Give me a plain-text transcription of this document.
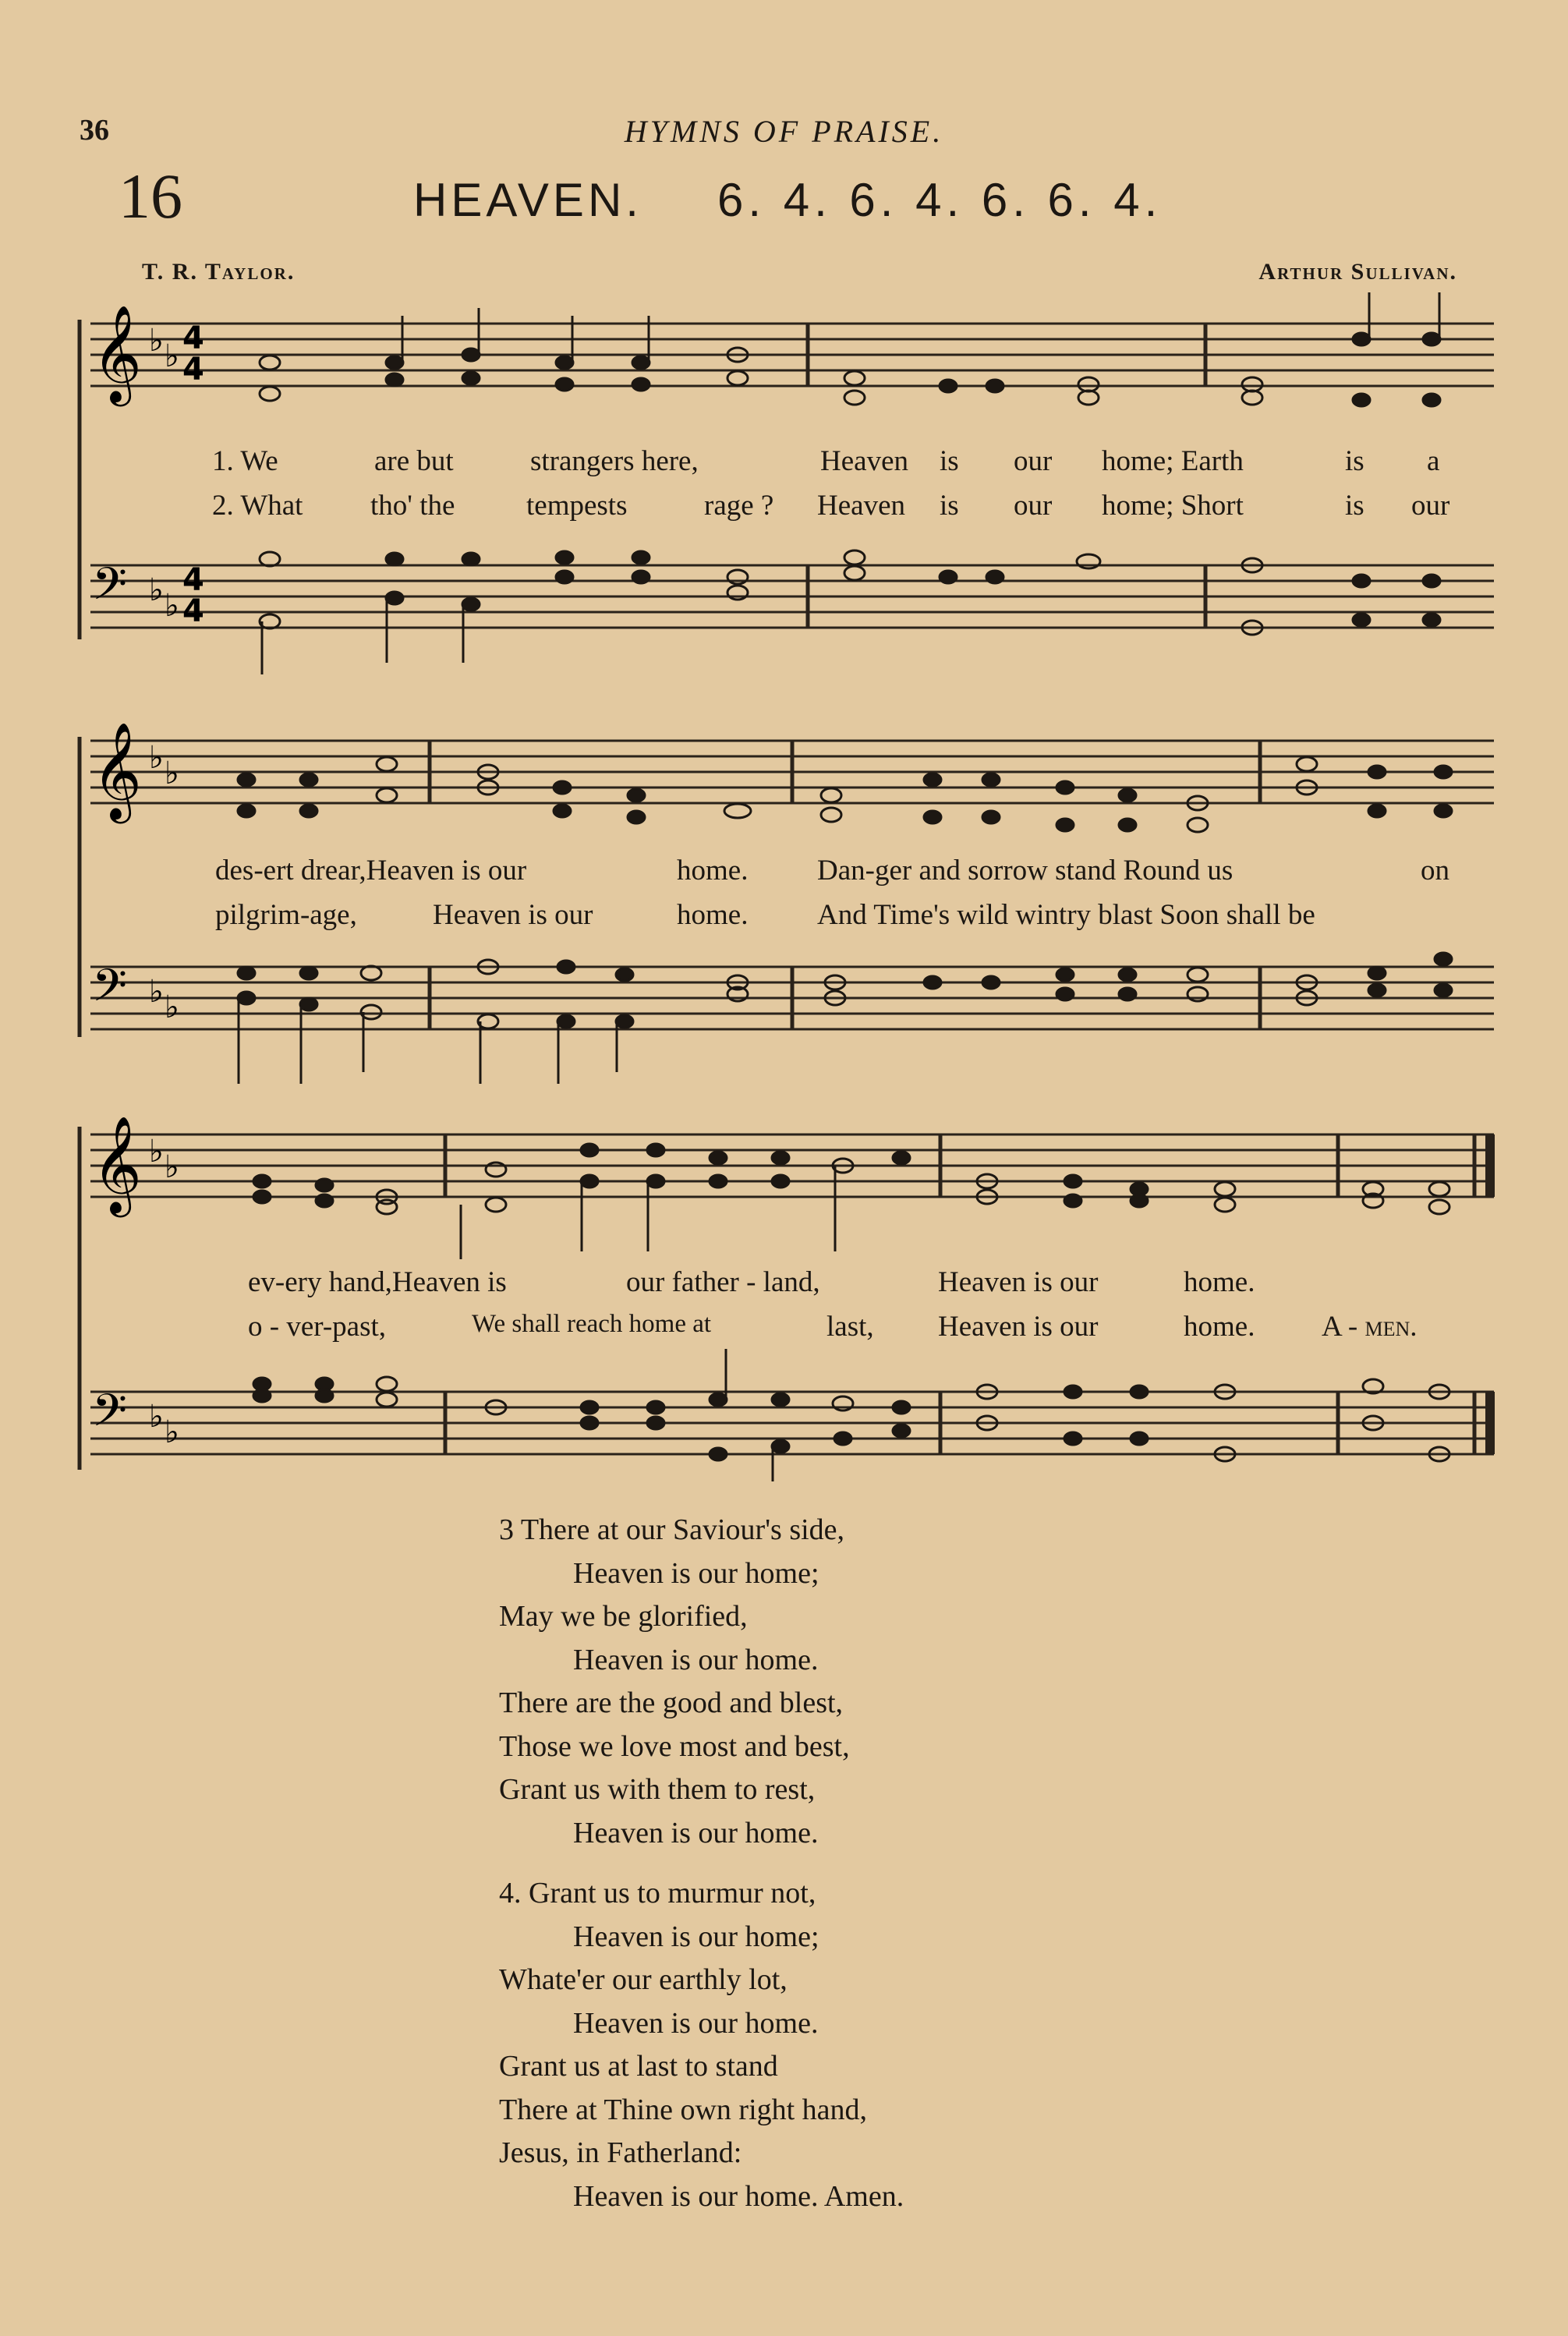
36	HYMNS OF PRAISE.
16	HEAVEN. 6. 4. 6. 4. 6. 6. 4.
T. R. Taylor.	Arthur Sullivan.
𝄞 ♭ ♭ 4
4
𝄢 ♭ ♭
4
4
1. We	are but	strangers here,	Heaven is our home; Earth	is a
2. What tho' the tempests	rage ? Heaven is our home; Short	is our
𝄞 ♭ ♭
𝄢 ♭ ♭
des-ert drear,Heaven is our	home. Dan-ger and sorrow stand Round us	on
pilgrim-age,	Heaven is our	home. And Time's wild wintry blast Soon shall be
𝄞 ♭ ♭
𝄢 ♭ ♭
ev-ery hand,Heaven is	our father - land,	Heaven is our	home.
o - ver-past,	We shall reach home at	last, Heaven is our	home. A - men.
3 There at our Saviour's side,
Heaven is our home;
May we be glorified,
Heaven is our home.
There are the good and blest,
Those we love most and best,
Grant us with them to rest,
Heaven is our home.
4. Grant us to murmur not,
Heaven is our home;
Whate'er our earthly lot,
Heaven is our home.
Grant us at last to stand
There at Thine own right hand,
Jesus, in Fatherland:
Heaven is our home. Amen.
